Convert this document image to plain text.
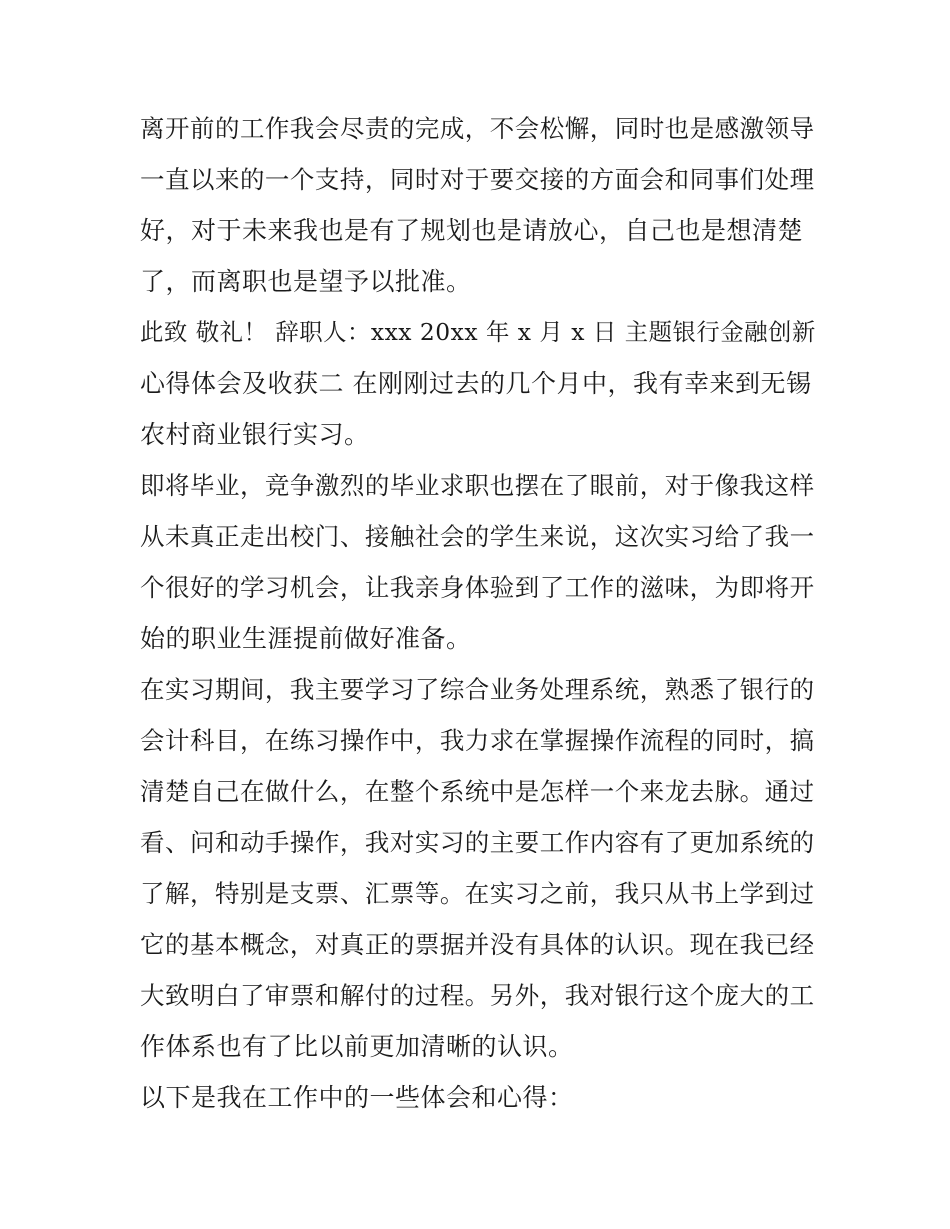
离开前的工作我会尽责的完成，不会松懈，同时也是感激领导
一直以来的一个支持，同时对于要交接的方面会和同事们处理
好，对于未来我也是有了规划也是请放心，自己也是想清楚
了，而离职也是望予以批准。

此致 敬礼！ 辞职人：xxx 20xx 年 x 月 x 日 主题银行金融创新
心得体会及收获二 在刚刚过去的几个月中，我有幸来到无锡
农村商业银行实习。

即将毕业，竞争激烈的毕业求职也摆在了眼前，对于像我这样
从未真正走出校门、接触社会的学生来说，这次实习给了我一
个很好的学习机会，让我亲身体验到了工作的滋味，为即将开
始的职业生涯提前做好准备。

在实习期间，我主要学习了综合业务处理系统，熟悉了银行的
会计科目，在练习操作中，我力求在掌握操作流程的同时，搞
清楚自己在做什么，在整个系统中是怎样一个来龙去脉。通过
看、问和动手操作，我对实习的主要工作内容有了更加系统的
了解，特别是支票、汇票等。在实习之前，我只从书上学到过
它的基本概念，对真正的票据并没有具体的认识。现在我已经
大致明白了审票和解付的过程。另外，我对银行这个庞大的工
作体系也有了比以前更加清晰的认识。

以下是我在工作中的一些体会和心得：
